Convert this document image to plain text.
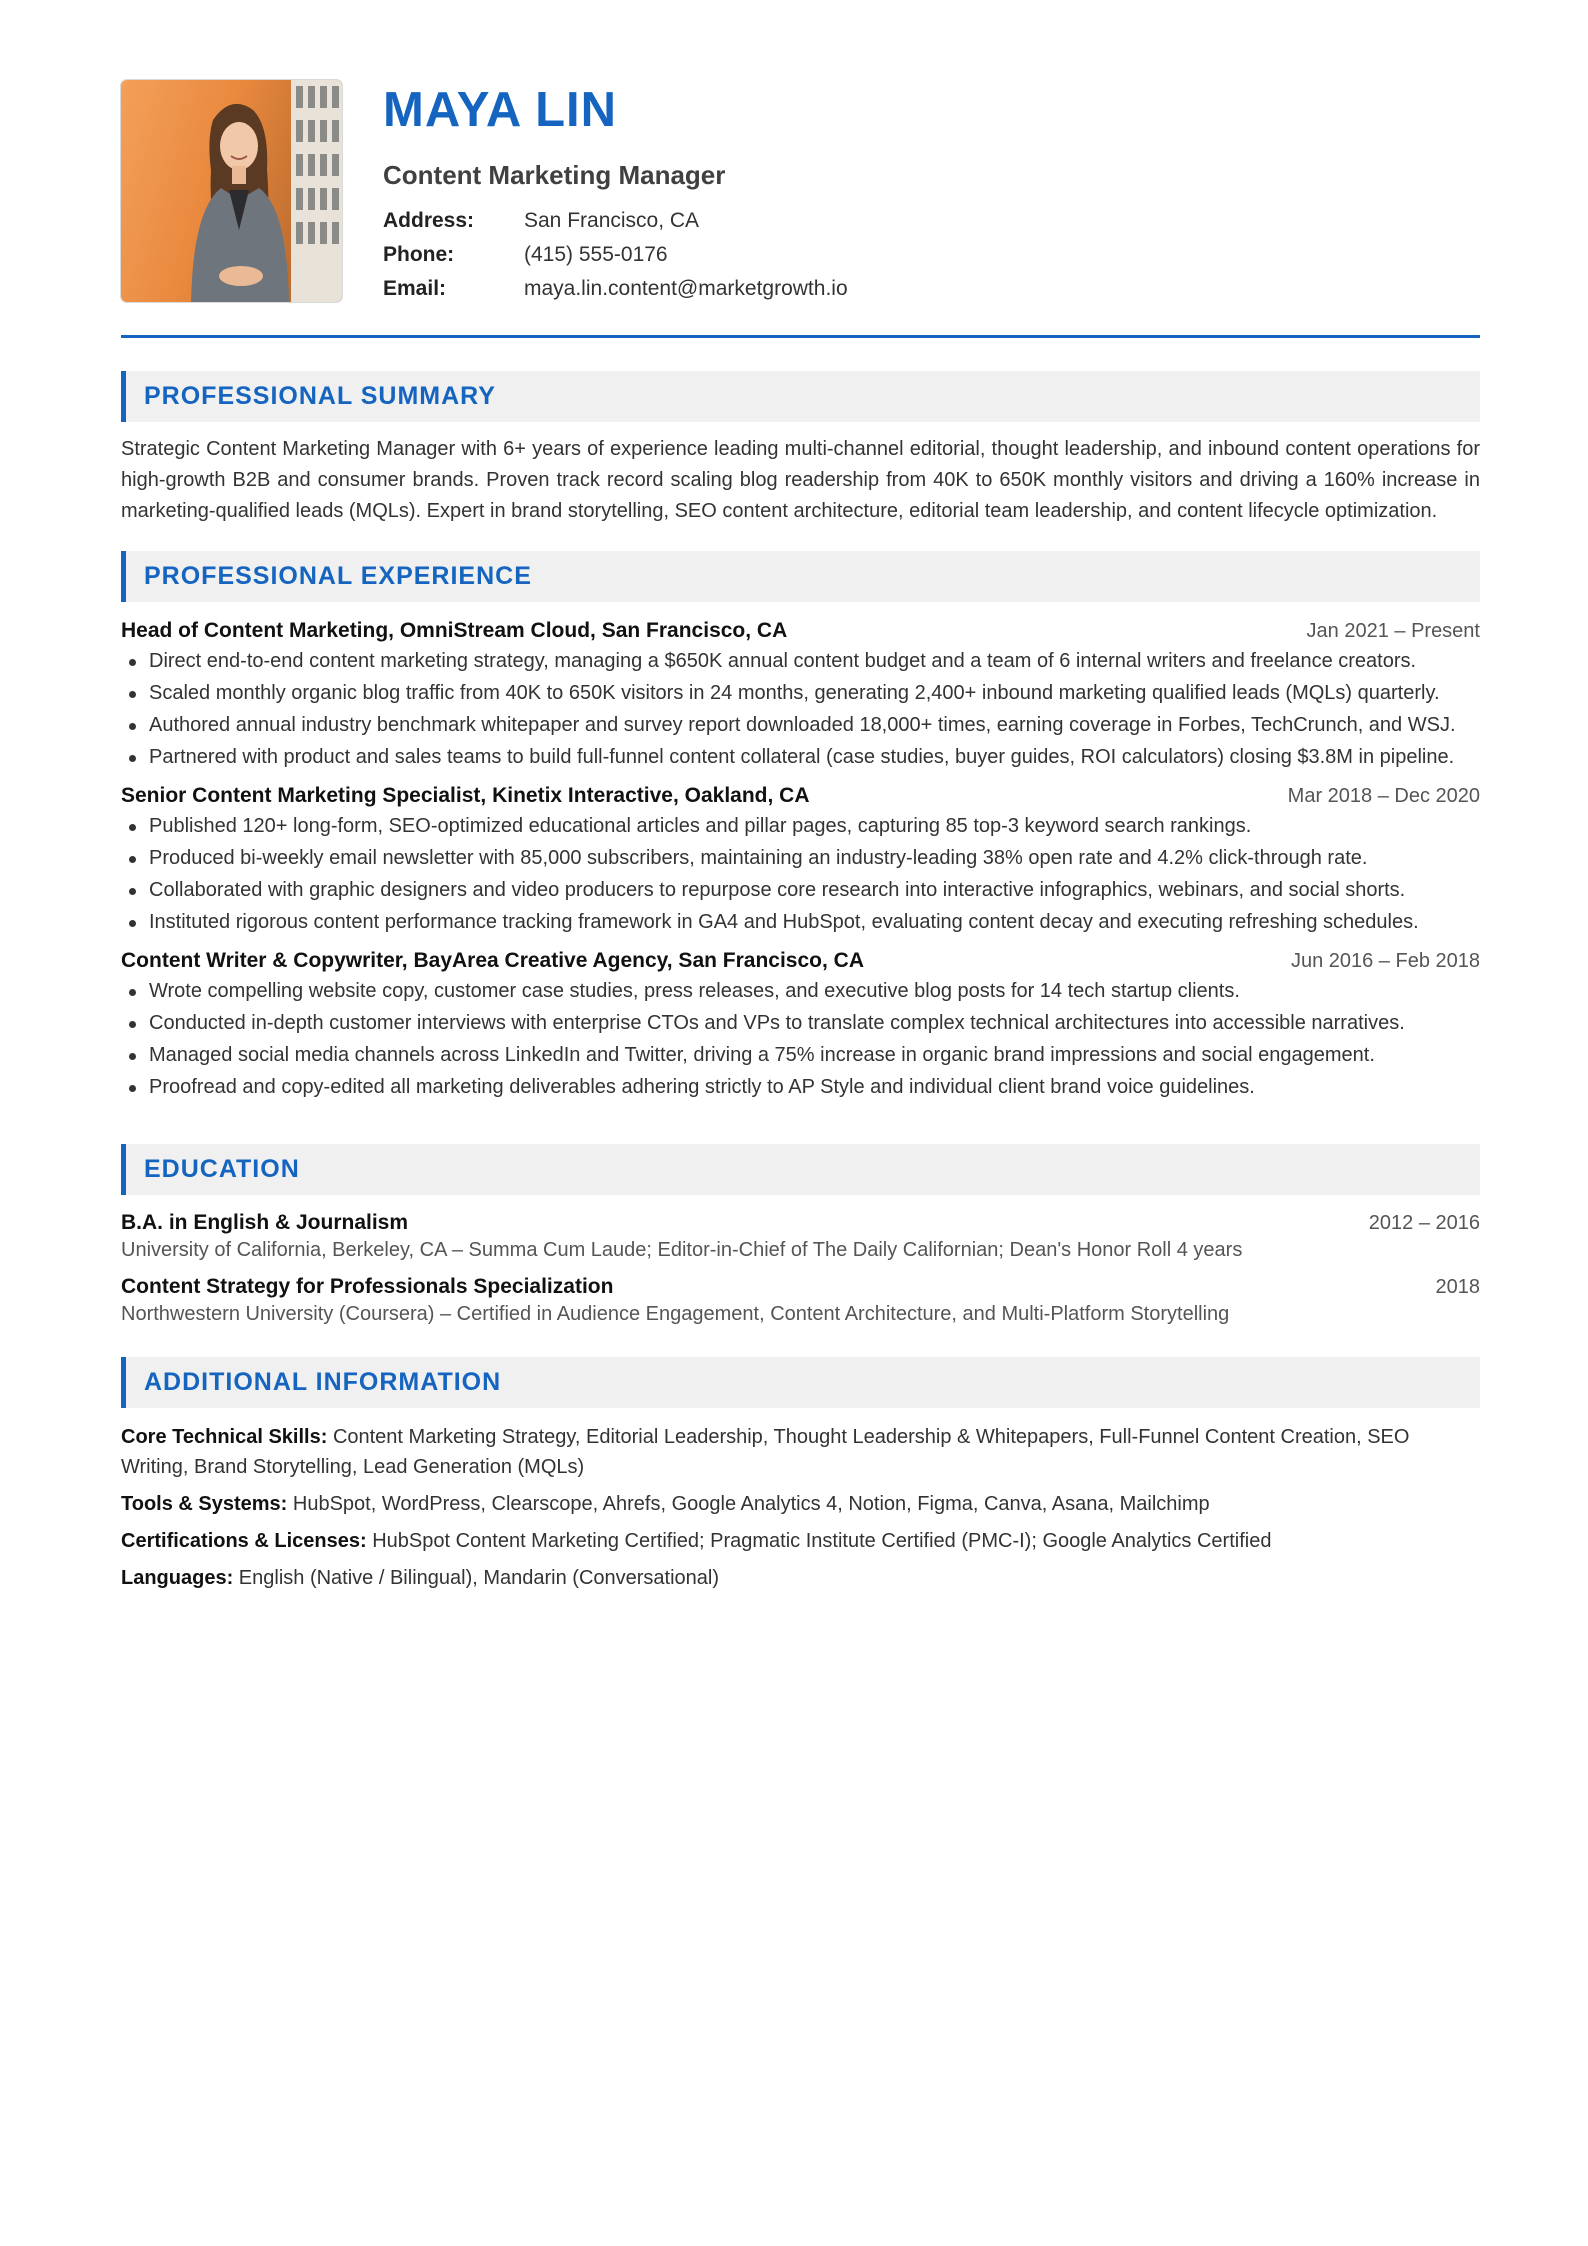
MAYA LIN
Content Marketing Manager
Address:	San Francisco, CA
Phone:	(415) 555-0176
Email:	maya.lin.content@marketgrowth.io
PROFESSIONAL SUMMARY

Strategic Content Marketing Manager with 6+ years of experience leading multi-channel editorial, thought leadership, and inbound content operations for high-growth B2B and consumer brands. Proven track record scaling blog readership from 40K to 650K monthly visitors and driving a 160% increase in marketing-qualified leads (MQLs). Expert in brand storytelling, SEO content architecture, editorial team leadership, and content lifecycle optimization.

PROFESSIONAL EXPERIENCE
Head of Content Marketing, OmniStream Cloud, San Francisco, CA	Jan 2021 – Present
Direct end-to-end content marketing strategy, managing a $650K annual content budget and a team of 6 internal writers and freelance creators.
Scaled monthly organic blog traffic from 40K to 650K visitors in 24 months, generating 2,400+ inbound marketing qualified leads (MQLs) quarterly.
Authored annual industry benchmark whitepaper and survey report downloaded 18,000+ times, earning coverage in Forbes, TechCrunch, and WSJ.
Partnered with product and sales teams to build full-funnel content collateral (case studies, buyer guides, ROI calculators) closing $3.8M in pipeline.
Senior Content Marketing Specialist, Kinetix Interactive, Oakland, CA	Mar 2018 – Dec 2020
Published 120+ long-form, SEO-optimized educational articles and pillar pages, capturing 85 top-3 keyword search rankings.
Produced bi-weekly email newsletter with 85,000 subscribers, maintaining an industry-leading 38% open rate and 4.2% click-through rate.
Collaborated with graphic designers and video producers to repurpose core research into interactive infographics, webinars, and social shorts.
Instituted rigorous content performance tracking framework in GA4 and HubSpot, evaluating content decay and executing refreshing schedules.
Content Writer & Copywriter, BayArea Creative Agency, San Francisco, CA	Jun 2016 – Feb 2018
Wrote compelling website copy, customer case studies, press releases, and executive blog posts for 14 tech startup clients.
Conducted in-depth customer interviews with enterprise CTOs and VPs to translate complex technical architectures into accessible narratives.
Managed social media channels across LinkedIn and Twitter, driving a 75% increase in organic brand impressions and social engagement.
Proofread and copy-edited all marketing deliverables adhering strictly to AP Style and individual client brand voice guidelines.
EDUCATION
B.A. in English & Journalism	2012 – 2016
University of California, Berkeley, CA – Summa Cum Laude; Editor-in-Chief of The Daily Californian; Dean's Honor Roll 4 years
Content Strategy for Professionals Specialization	2018
Northwestern University (Coursera) – Certified in Audience Engagement, Content Architecture, and Multi-Platform Storytelling
ADDITIONAL INFORMATION
Core Technical Skills: Content Marketing Strategy, Editorial Leadership, Thought Leadership & Whitepapers, Full-Funnel Content Creation, SEO Writing, Brand Storytelling, Lead Generation (MQLs)
Tools & Systems: HubSpot, WordPress, Clearscope, Ahrefs, Google Analytics 4, Notion, Figma, Canva, Asana, Mailchimp
Certifications & Licenses: HubSpot Content Marketing Certified; Pragmatic Institute Certified (PMC-I); Google Analytics Certified
Languages: English (Native / Bilingual), Mandarin (Conversational)
